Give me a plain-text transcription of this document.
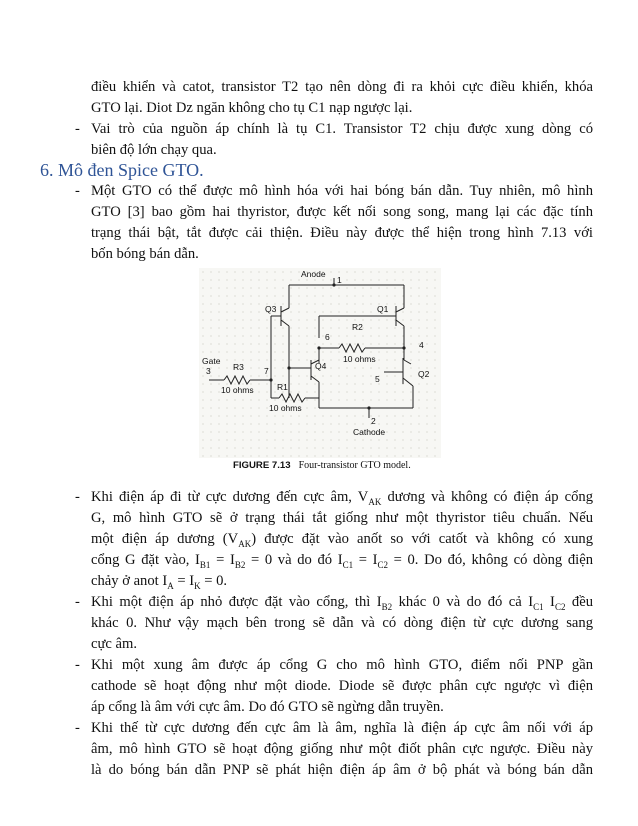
điều khiển và catot, transistor T2 tạo nên dòng đi ra khỏi cực điều khiển, khóa
GTO lại. Diot Dz ngăn không cho tụ C1 nạp ngược lại.
- Vai trò của nguồn áp chính là tụ C1. Transistor T2 chịu được xung dòng có
biên độ lớn chạy qua.
6. Mô đen Spice GTO.
- Một GTO có thể được mô hình hóa với hai bóng bán dẫn. Tuy nhiên, mô hình
GTO [3] bao gồm hai thyristor, được kết nối song song, mang lại các đặc tính
trạng thái bật, tắt được cải thiện. Điều này được thể hiện trong hình 7.13 với
bốn bóng bán dẫn.
Anode
1
Q3	Q1
R2
6
10 ohms
4
Gate
3	R3 7	Q4
10 ohms	R1
5	Q2
10 ohms
2
Cathode
FIGURE 7.13 Four-transistor GTO model.
- Khi điện áp đi từ cực dương đến cực âm, $V_{AK}$ dương và không có điện áp cổng
G, mô hình GTO sẽ ở trạng thái tắt giống như một thyristor tiêu chuẩn. Nếu
một điện áp dương $(V_{AK})$ được đặt vào anốt so với catốt và không có xung
cổng G đặt vào, $I_{B1} = I_{B2} = 0$ và do đó $I_{C1} = I_{C2} = 0$. Do đó, không có dòng điện
chảy ở anot $I_A = I_K = 0$.
- Khi một điện áp nhỏ được đặt vào cổng, thì $I_{B2}$ khác 0 và do đó cả $I_{C1}$ $I_{C2}$ đều
khác 0. Như vậy mạch bên trong sẽ dẫn và có dòng điện từ cực dương sang
cực âm.
- Khi một xung âm được áp cổng G cho mô hình GTO, điểm nối PNP gần
cathode sẽ hoạt động như một diode. Diode sẽ được phân cực ngược vì điện
áp cổng là âm với cực âm. Do đó GTO sẽ ngừng dẫn truyền.
- Khi thế từ cực dương đến cực âm là âm, nghĩa là điện áp cực âm nối với áp
âm, mô hình GTO sẽ hoạt động giống như một điốt phân cực ngược. Điều này
là do bóng bán dẫn PNP sẽ phát hiện điện áp âm ở bộ phát và bóng bán dẫn
